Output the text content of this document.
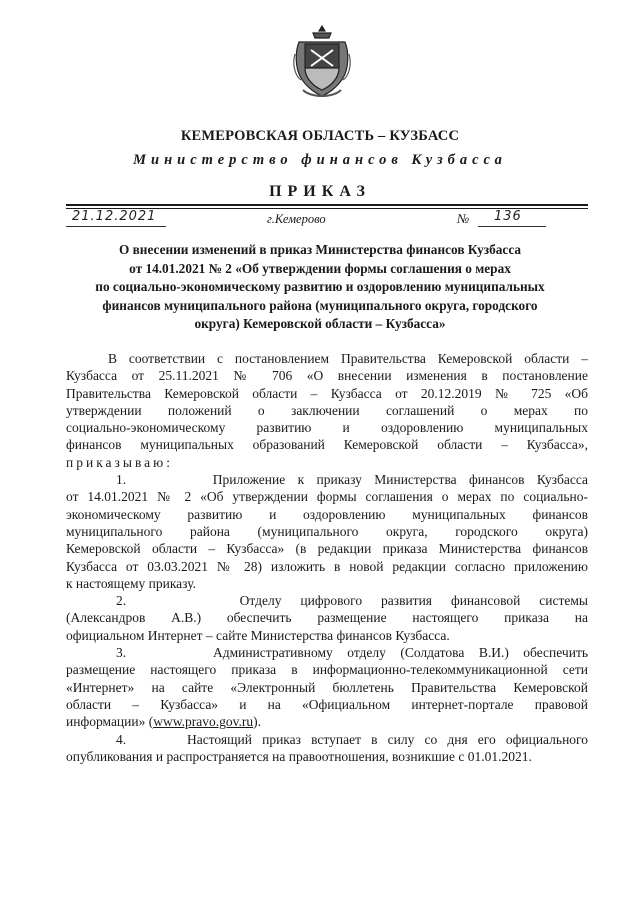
КЕМЕРОВСКАЯ ОБЛАСТЬ – КУЗБАСС
Министерство финансов Кузбасса
ПРИКАЗ
21.12.2021	г.Кемерово	№ 136
О внесении изменений в приказ Министерства финансов Кузбасса
от 14.01.2021 № 2 «Об утверждении формы соглашения о мерах
по социально-экономическому развитию и оздоровлению муниципальных
финансов муниципального района (муниципального округа, городского
округа) Кемеровской области – Кузбасса»
В соответствии с постановлением Правительства Кемеровской области –
Кузбасса от 25.11.2021 № 706 «О внесении изменения в постановление
Правительства Кемеровской области – Кузбасса от 20.12.2019 № 725 «Об
утверждении положений о заключении соглашений о мерах по
социально-экономическому развитию и оздоровлению муниципальных
финансов муниципальных образований Кемеровской области – Кузбасса»,
приказываю:
1.       Приложение к приказу Министерства финансов Кузбасса
от 14.01.2021 № 2 «Об утверждении формы соглашения о мерах по социально-
экономическому развитию и оздоровлению муниципальных финансов
муниципального района (муниципального округа, городского округа)
Кемеровской области – Кузбасса» (в редакции приказа Министерства финансов
Кузбасса от 03.03.2021 № 28) изложить в новой редакции согласно приложению
к настоящему приказу.
2.      Отделу цифрового развития финансовой системы
(Александров А.В.) обеспечить размещение настоящего приказа на
официальном Интернет – сайте Министерства финансов Кузбасса.
3.      Административному отделу (Солдатова В.И.) обеспечить
размещение настоящего приказа в информационно-телекоммуникационной сети
«Интернет» на сайте «Электронный бюллетень Правительства Кемеровской
области – Кузбасса» и на «Официальном интернет-портале правовой
информации» (www.pravo.gov.ru).
4.      Настоящий приказ вступает в силу со дня его официального
опубликования и распространяется на правоотношения, возникшие с 01.01.2021.
